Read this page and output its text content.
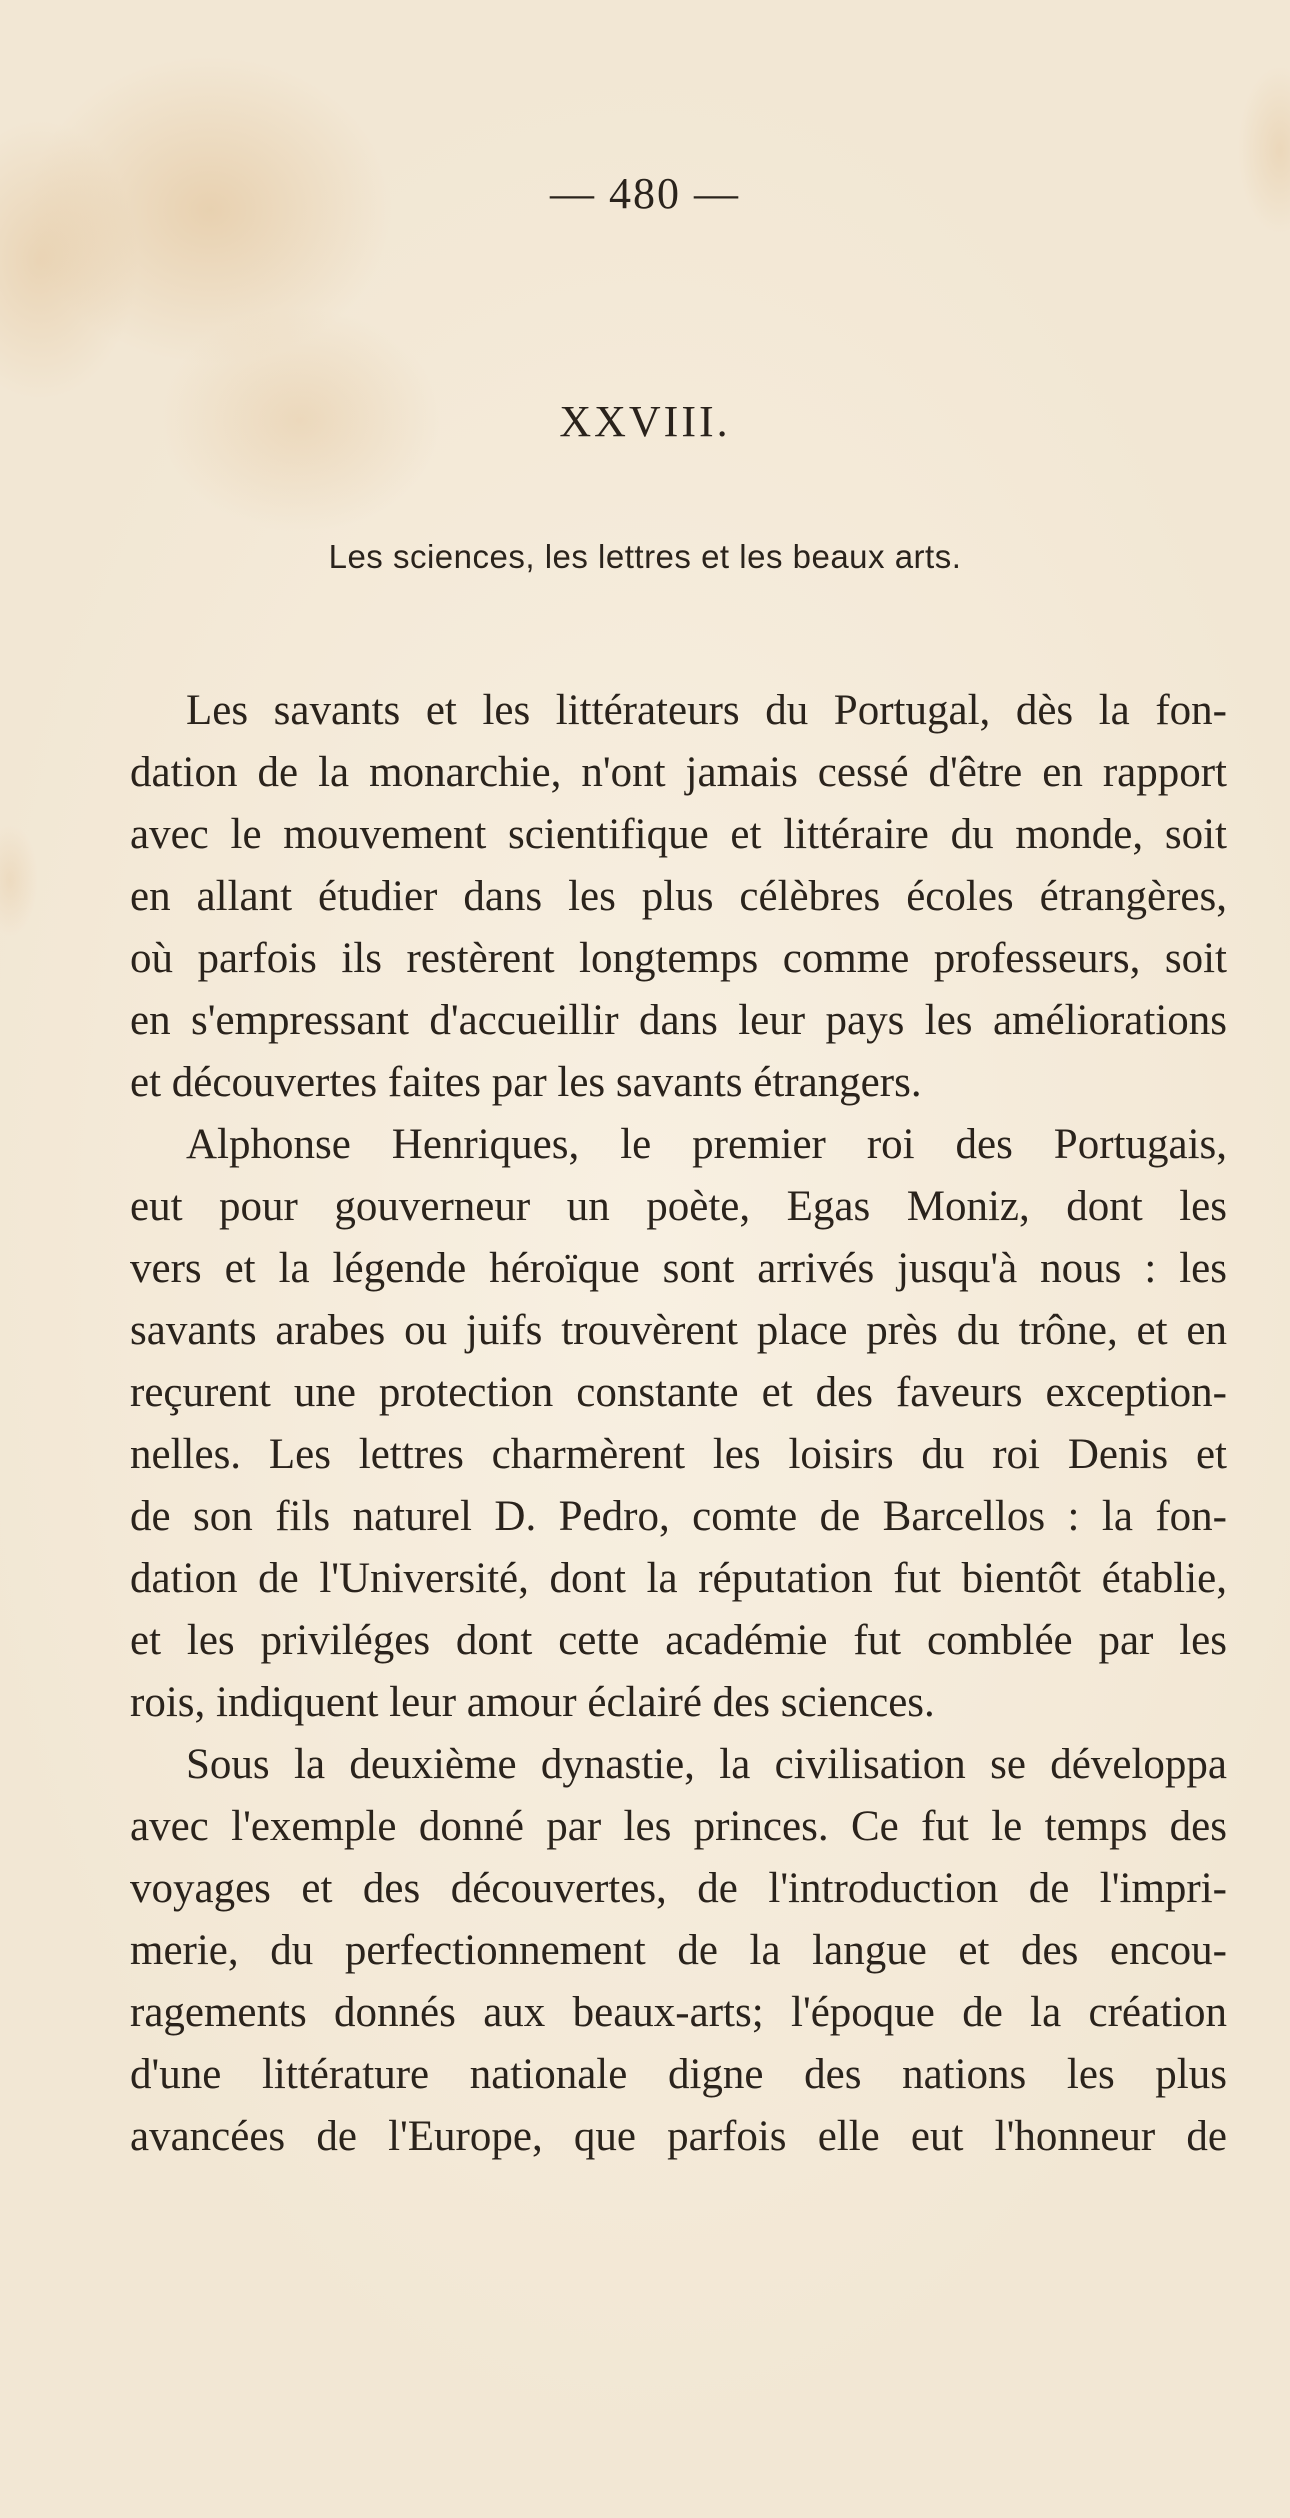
— 480 —
XXVIII.
Les sciences, les lettres et les beaux arts.
Les savants et les littérateurs du Portugal, dès la fon-
dation de la monarchie, n'ont jamais cessé d'être en rapport
avec le mouvement scientifique et littéraire du monde, soit
en allant étudier dans les plus célèbres écoles étrangères,
où parfois ils restèrent longtemps comme professeurs, soit
en s'empressant d'accueillir dans leur pays les améliorations
et découvertes faites par les savants étrangers.
Alphonse Henriques, le premier roi des Portugais,
eut pour gouverneur un poète, Egas Moniz, dont les
vers et la légende héroïque sont arrivés jusqu'à nous : les
savants arabes ou juifs trouvèrent place près du trône, et en
reçurent une protection constante et des faveurs exception-
nelles. Les lettres charmèrent les loisirs du roi Denis et
de son fils naturel D. Pedro, comte de Barcellos : la fon-
dation de l'Université, dont la réputation fut bientôt établie,
et les priviléges dont cette académie fut comblée par les
rois, indiquent leur amour éclairé des sciences.
Sous la deuxième dynastie, la civilisation se développa
avec l'exemple donné par les princes. Ce fut le temps des
voyages et des découvertes, de l'introduction de l'impri-
merie, du perfectionnement de la langue et des encou-
ragements donnés aux beaux-arts; l'époque de la création
d'une littérature nationale digne des nations les plus
avancées de l'Europe, que parfois elle eut l'honneur de
